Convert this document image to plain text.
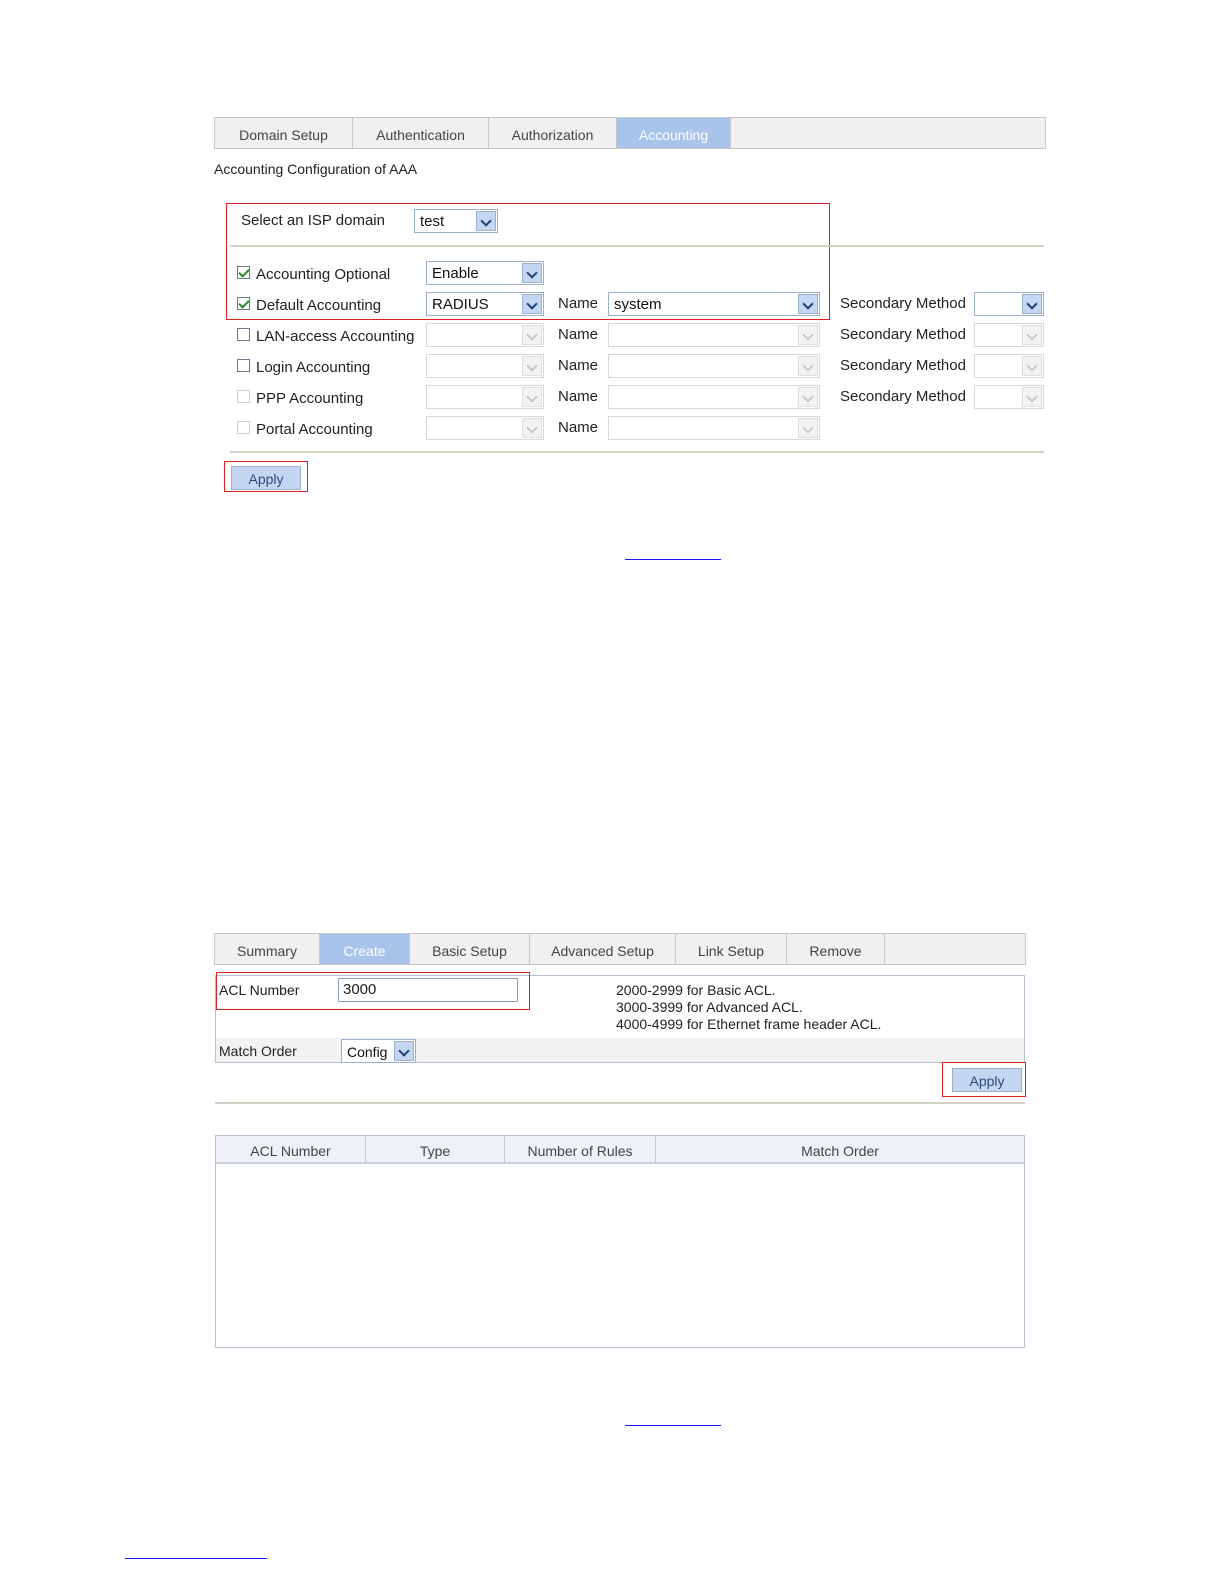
Domain Setup	Authentication	Authorization	Accounting
Accounting Configuration of AAA
Select an ISP domain test
Accounting Optional	Enable
Default Accounting	RADIUS	Name system	Secondary Method
LAN-access Accounting	Name	Secondary Method
Login Accounting	Name	Secondary Method
PPP Accounting	Name	Secondary Method
Portal Accounting	Name
Apply
Summary	Create	Basic Setup	Advanced Setup	Link Setup	Remove
ACL Number	3000	2000-2999 for Basic ACL.
3000-3999 for Advanced ACL.
4000-4999 for Ethernet frame header ACL.
Match Order	Config
Apply
ACL Number	Type	Number of Rules	Match Order
